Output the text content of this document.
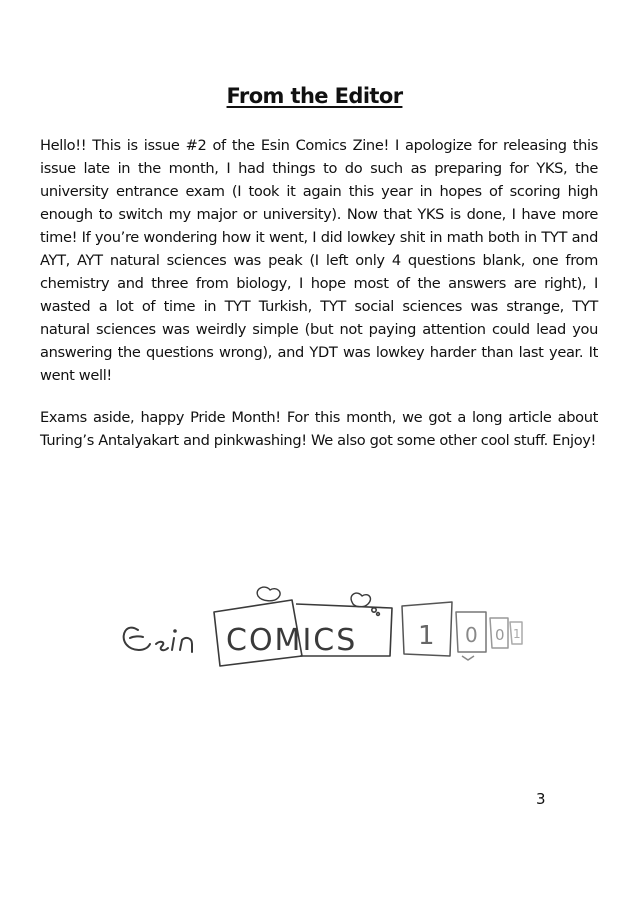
From the Editor

Hello!! This is issue #2 of the Esin Comics Zine! I apologize for releasing this issue late in the month, I had things to do such as preparing for YKS, the university entrance exam (I took it again this year in hopes of scoring high enough to switch my major or university). Now that YKS is done, I have more time! If you’re wondering how it went, I did lowkey shit in math both in TYT and AYT, AYT natural sciences was peak (I left only 4 questions blank, one from chemistry and three from biology, I hope most of the answers are right), I wasted a lot of time in TYT Turkish, TYT social sciences was strange, TYT natural sciences was weirdly simple (but not paying attention could lead you answering the questions wrong), and YDT was lowkey harder than last year. It went well!

Exams aside, happy Pride Month! For this month, we got a long article about Turing’s Antalyakart and pinkwashing! We also got some other cool stuff. Enjoy!

COMICS 1 0 0 1
3
